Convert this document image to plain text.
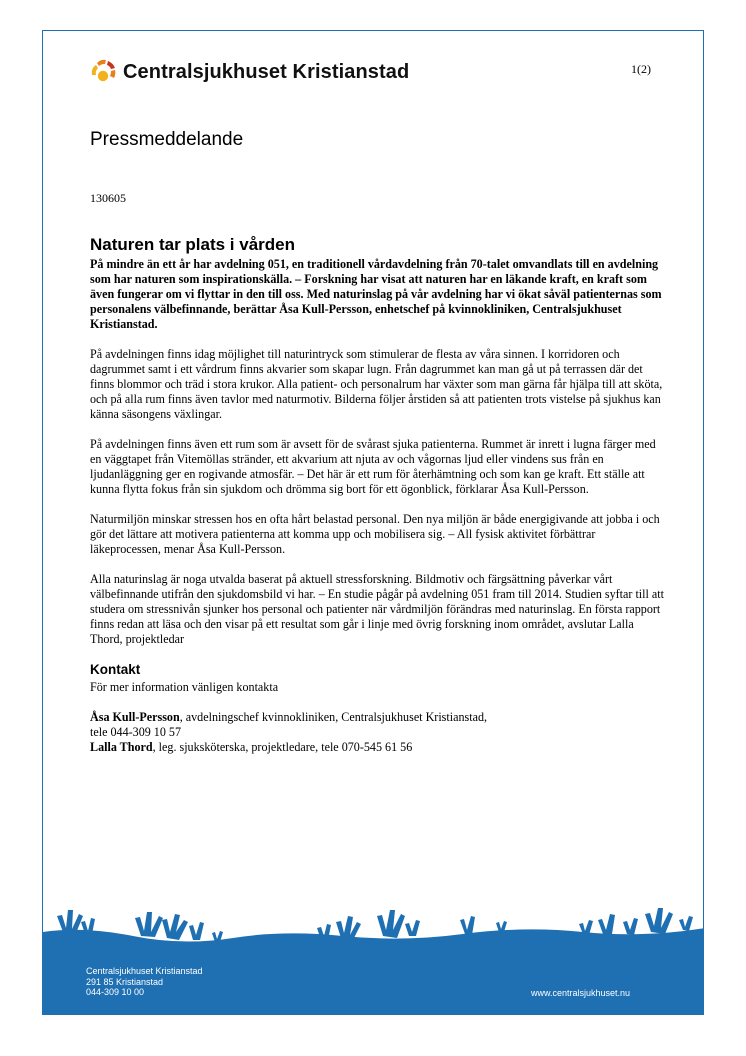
Centralsjukhuset Kristianstad	1(2)
Pressmeddelande
130605
Naturen tar plats i vården

På mindre än ett år har avdelning 051, en traditionell vårdavdelning från 70-talet omvandlats till en avdelning som har naturen som inspirationskälla. – Forskning har visat att naturen har en läkande kraft, en kraft som även fungerar om vi flyttar in den till oss. Med naturinslag på vår avdelning har vi ökat såväl patienternas som personalens välbefinnande, berättar Åsa Kull-Persson, enhetschef på kvinnokliniken, Centralsjukhuset Kristianstad.

På avdelningen finns idag möjlighet till naturintryck som stimulerar de flesta av våra sinnen. I korridoren och dagrummet samt i ett vårdrum finns akvarier som skapar lugn. Från dagrummet kan man gå ut på terrassen där det finns blommor och träd i stora krukor. Alla patient- och personalrum har växter som man gärna får hjälpa till att sköta, och på alla rum finns även tavlor med naturmotiv. Bilderna följer årstiden så att patienten trots vistelse på sjukhus kan känna säsongens växlingar.

På avdelningen finns även ett rum som är avsett för de svårast sjuka patienterna. Rummet är inrett i lugna färger med en väggtapet från Vitemöllas stränder, ett akvarium att njuta av och vågornas ljud eller vindens sus från en ljudanläggning ger en rogivande atmosfär. – Det här är ett rum för återhämtning och som kan ge kraft. Ett ställe att kunna flytta fokus från sin sjukdom och drömma sig bort för ett ögonblick, förklarar Åsa Kull-Persson.

Naturmiljön minskar stressen hos en ofta hårt belastad personal. Den nya miljön är både energigivande att jobba i och gör det lättare att motivera patienterna att komma upp och mobilisera sig. – All fysisk aktivitet förbättrar läkeprocessen, menar Åsa Kull-Persson.

Alla naturinslag är noga utvalda baserat på aktuell stressforskning. Bildmotiv och färgsättning påverkar vårt välbefinnande utifrån den sjukdomsbild vi har. – En studie pågår på avdelning 051 fram till 2014. Studien syftar till att studera om stressnivån sjunker hos personal och patienter när vårdmiljön förändras med naturinslag. En första rapport finns redan att läsa och den visar på ett resultat som går i linje med övrig forskning inom området, avslutar Lalla Thord, projektledar

Kontakt

För mer information vänligen kontakta

Åsa Kull-Persson, avdelningschef kvinnokliniken, Centralsjukhuset Kristianstad,

tele 044-309 10 57

Lalla Thord, leg. sjuksköterska, projektledare, tele 070-545 61 56

Centralsjukhuset Kristianstad
291 85 Kristianstad
044-309 10 00	www.centralsjukhuset.nu
